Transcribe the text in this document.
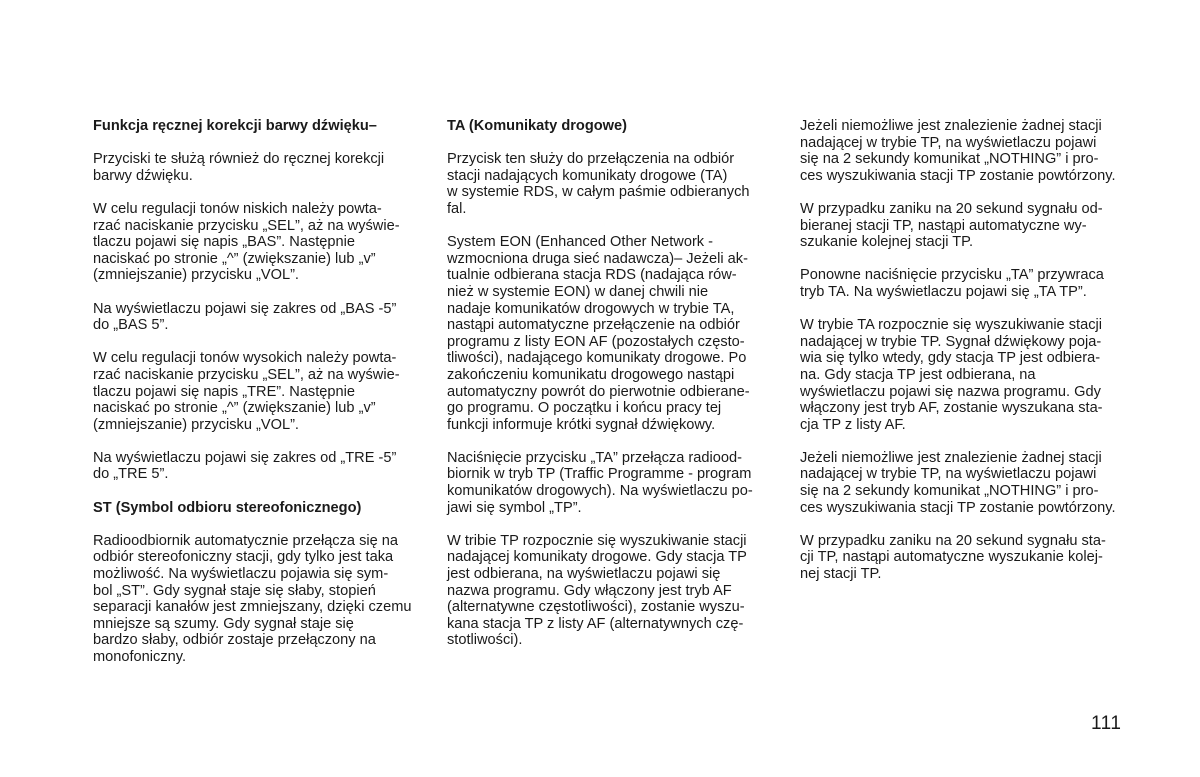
Funkcja ręcznej korekcji barwy dźwięku–

Przyciski te służą również do ręcznej korekcji
barwy dźwięku.

W celu regulacji tonów niskich należy powta-
rzać naciskanie przycisku „SEL”, aż na wyświe-
tlaczu pojawi się napis „BAS”. Następnie
naciskać po stronie „^” (zwiększanie) lub „v”
(zmniejszanie) przycisku „VOL”.

Na wyświetlaczu pojawi się zakres od „BAS -5”
do „BAS 5”.

W celu regulacji tonów wysokich należy powta-
rzać naciskanie przycisku „SEL”, aż na wyświe-
tlaczu pojawi się napis „TRE”. Następnie
naciskać po stronie „^” (zwiększanie) lub „v”
(zmniejszanie) przycisku „VOL”.

Na wyświetlaczu pojawi się zakres od „TRE -5”
do „TRE 5”.

ST (Symbol odbioru stereofonicznego)

Radioodbiornik automatycznie przełącza się na
odbiór stereofoniczny stacji, gdy tylko jest taka
możliwość. Na wyświetlaczu pojawia się sym-
bol „ST”. Gdy sygnał staje się słaby, stopień
separacji kanałów jest zmniejszany, dzięki czemu
mniejsze są szumy. Gdy sygnał staje się
bardzo słaby, odbiór zostaje przełączony na
monofoniczny.

TA (Komunikaty drogowe)

Przycisk ten służy do przełączenia na odbiór
stacji nadających komunikaty drogowe (TA)
w systemie RDS, w całym paśmie odbieranych
fal.

System EON (Enhanced Other Network -
wzmocniona druga sieć nadawcza)– Jeżeli ak-
tualnie odbierana stacja RDS (nadająca rów-
nież w systemie EON) w danej chwili nie
nadaje komunikatów drogowych w trybie TA,
nastąpi automatyczne przełączenie na odbiór
programu z listy EON AF (pozostałych często-
tliwości), nadającego komunikaty drogowe. Po
zakończeniu komunikatu drogowego nastąpi
automatyczny powrót do pierwotnie odbierane-
go programu. O początku i końcu pracy tej
funkcji informuje krótki sygnał dźwiękowy.

Naciśnięcie przycisku „TA” przełącza radiood-
biornik w tryb TP (Traffic Programme - program
komunikatów drogowych). Na wyświetlaczu po-
jawi się symbol „TP”.

W tribie TP rozpocznie się wyszukiwanie stacji
nadającej komunikaty drogowe. Gdy stacja TP
jest odbierana, na wyświetlaczu pojawi się
nazwa programu. Gdy włączony jest tryb AF
(alternatywne częstotliwości), zostanie wyszu-
kana stacja TP z listy AF (alternatywnych czę-
stotliwości).

Jeżeli niemożliwe jest znalezienie żadnej stacji
nadającej w trybie TP, na wyświetlaczu pojawi
się na 2 sekundy komunikat „NOTHING” i pro-
ces wyszukiwania stacji TP zostanie powtórzony.

W przypadku zaniku na 20 sekund sygnału od-
bieranej stacji TP, nastąpi automatyczne wy-
szukanie kolejnej stacji TP.

Ponowne naciśnięcie przycisku „TA” przywraca
tryb TA. Na wyświetlaczu pojawi się „TA TP”.

W trybie TA rozpocznie się wyszukiwanie stacji
nadającej w trybie TP. Sygnał dźwiękowy poja-
wia się tylko wtedy, gdy stacja TP jest odbiera-
na. Gdy stacja TP jest odbierana, na
wyświetlaczu pojawi się nazwa programu. Gdy
włączony jest tryb AF, zostanie wyszukana sta-
cja TP z listy AF.

Jeżeli niemożliwe jest znalezienie żadnej stacji
nadającej w trybie TP, na wyświetlaczu pojawi
się na 2 sekundy komunikat „NOTHING” i pro-
ces wyszukiwania stacji TP zostanie powtórzony.

W przypadku zaniku na 20 sekund sygnału sta-
cji TP, nastąpi automatyczne wyszukanie kolej-
nej stacji TP.

111
